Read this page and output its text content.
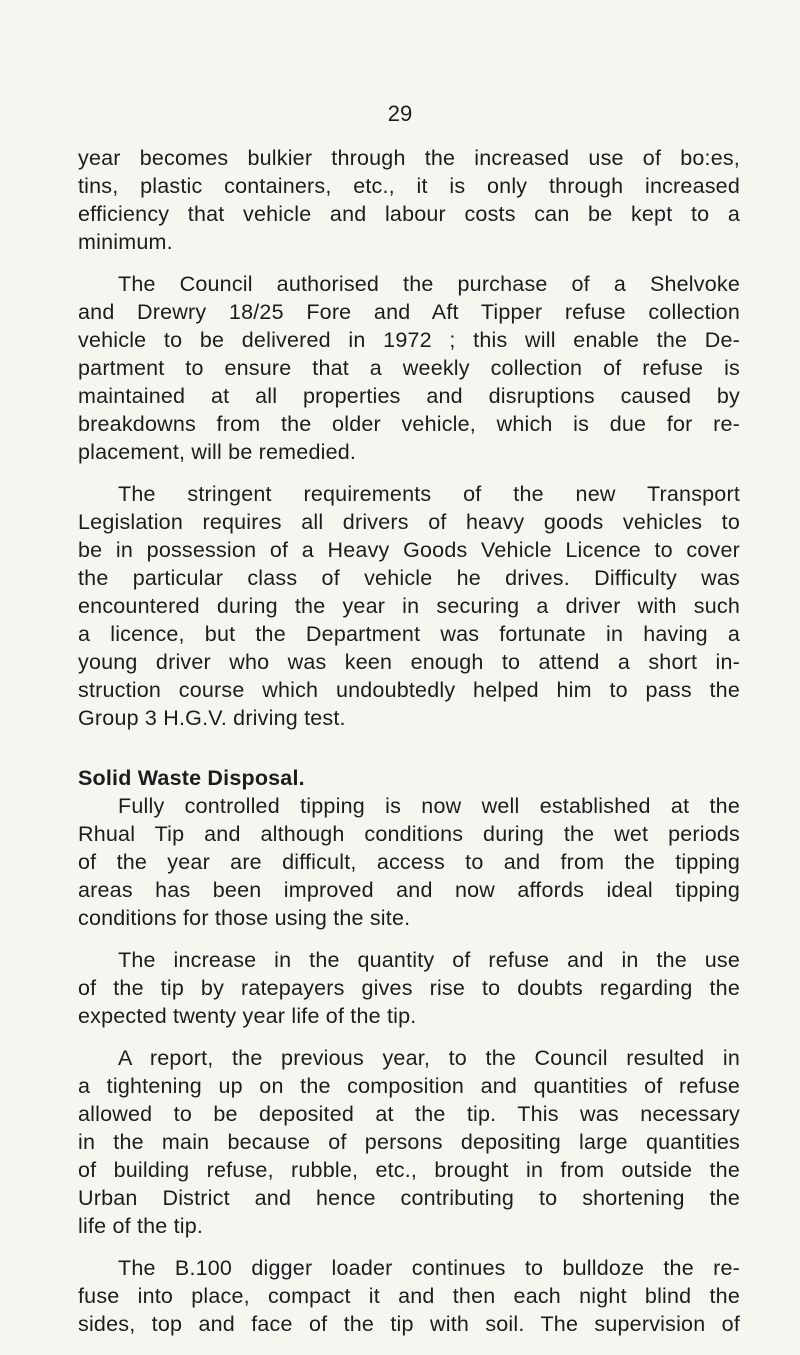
29

year becomes bulkier through the increased use of bo:es,
tins, plastic containers, etc., it is only through increased
efficiency that vehicle and labour costs can be kept to a
minimum.

The Council authorised the purchase of a Shelvoke
and Drewry 18/25 Fore and Aft Tipper refuse collection
vehicle to be delivered in 1972 ; this will enable the De-
partment to ensure that a weekly collection of refuse is
maintained at all properties and disruptions caused by
breakdowns from the older vehicle, which is due for re-
placement, will be remedied.

The stringent requirements of the new Transport
Legislation requires all drivers of heavy goods vehicles to
be in possession of a Heavy Goods Vehicle Licence to cover
the particular class of vehicle he drives. Difficulty was
encountered during the year in securing a driver with such
a licence, but the Department was fortunate in having a
young driver who was keen enough to attend a short in-
struction course which undoubtedly helped him to pass the
Group 3 H.G.V. driving test.

Solid Waste Disposal.

Fully controlled tipping is now well established at the
Rhual Tip and although conditions during the wet periods
of the year are difficult, access to and from the tipping
areas has been improved and now affords ideal tipping
conditions for those using the site.

The increase in the quantity of refuse and in the use
of the tip by ratepayers gives rise to doubts regarding the
expected twenty year life of the tip.

A report, the previous year, to the Council resulted in
a tightening up on the composition and quantities of refuse
allowed to be deposited at the tip. This was necessary
in the main because of persons depositing large quantities
of building refuse, rubble, etc., brought in from outside the
Urban District and hence contributing to shortening the
life of the tip.

The B.100 digger loader continues to bulldoze the re-
fuse into place, compact it and then each night blind the
sides, top and face of the tip with soil. The supervision of
